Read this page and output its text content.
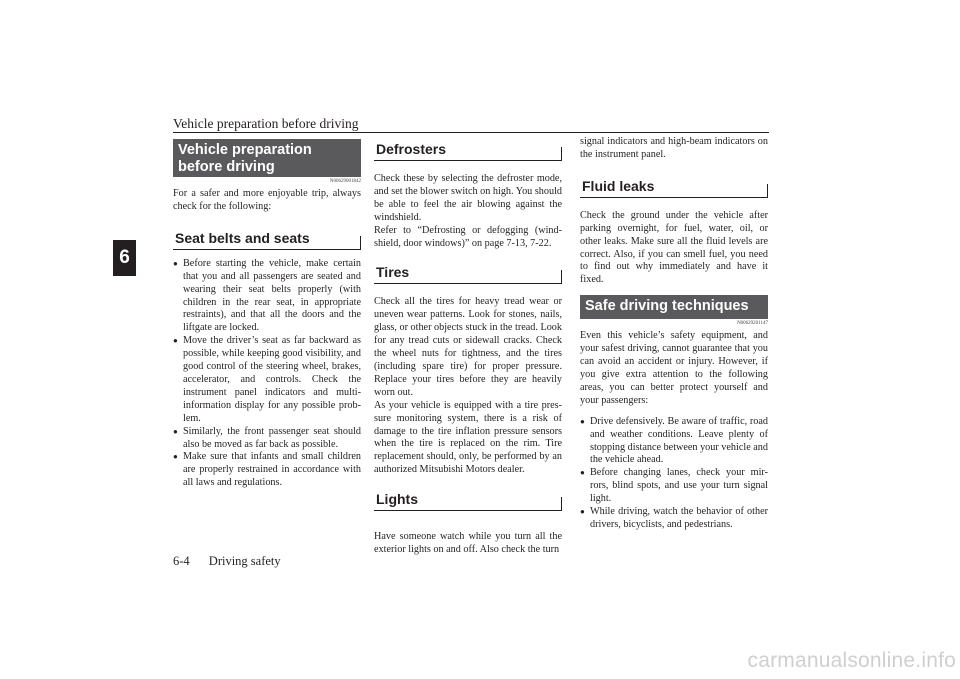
Vehicle preparation before driving
6
Vehicle preparation before driving
N00629001842

For a safer and more enjoyable trip, always check for the following:

Seat belts and seats
● Before starting the vehicle, make certain that you and all passengers are seated and wearing their seat belts properly (with children in the rear seat, in appropriate restraints), and that all the doors and the liftgate are locked.
● Move the driver’s seat as far backward as possible, while keeping good visibility, and good control of the steering wheel, brakes, accelerator, and controls. Check the instrument panel indicators and multi-information display for any possible prob-lem.
● Similarly, the front passenger seat should also be moved as far back as possible.
● Make sure that infants and small children are properly restrained in accordance with all laws and regulations.
Defrosters

Check these by selecting the defroster mode, and set the blower switch on high. You should be able to feel the air blowing against the windshield.

Refer to “Defrosting or defogging (wind-shield, door windows)” on page 7-13, 7-22.

Tires

Check all the tires for heavy tread wear or uneven wear patterns. Look for stones, nails, glass, or other objects stuck in the tread. Look for any tread cuts or sidewall cracks. Check the wheel nuts for tightness, and the tires (including spare tire) for proper pressure. Replace your tires before they are heavily worn out.

As your vehicle is equipped with a tire pres-sure monitoring system, there is a risk of damage to the tire inflation pressure sensors when the tire is replaced on the rim. Tire replacement should, only, be performed by an authorized Mitsubishi Motors dealer.

Lights

Have someone watch while you turn all the exterior lights on and off. Also check the turn

signal indicators and high-beam indicators on the instrument panel.

Fluid leaks

Check the ground under the vehicle after parking overnight, for fuel, water, oil, or other leaks. Make sure all the fluid levels are correct. Also, if you can smell fuel, you need to find out why immediately and have it fixed.

Safe driving techniques
N00629201147

Even this vehicle’s safety equipment, and your safest driving, cannot guarantee that you can avoid an accident or injury. However, if you give extra attention to the following areas, you can better protect yourself and your passengers:

● Drive defensively. Be aware of traffic, road and weather conditions. Leave plenty of stopping distance between your vehicle and the vehicle ahead.
● Before changing lanes, check your mir-rors, blind spots, and use your turn signal light.
● While driving, watch the behavior of other drivers, bicyclists, and pedestrians.
6-4 Driving safety
carmanualsonline.info
